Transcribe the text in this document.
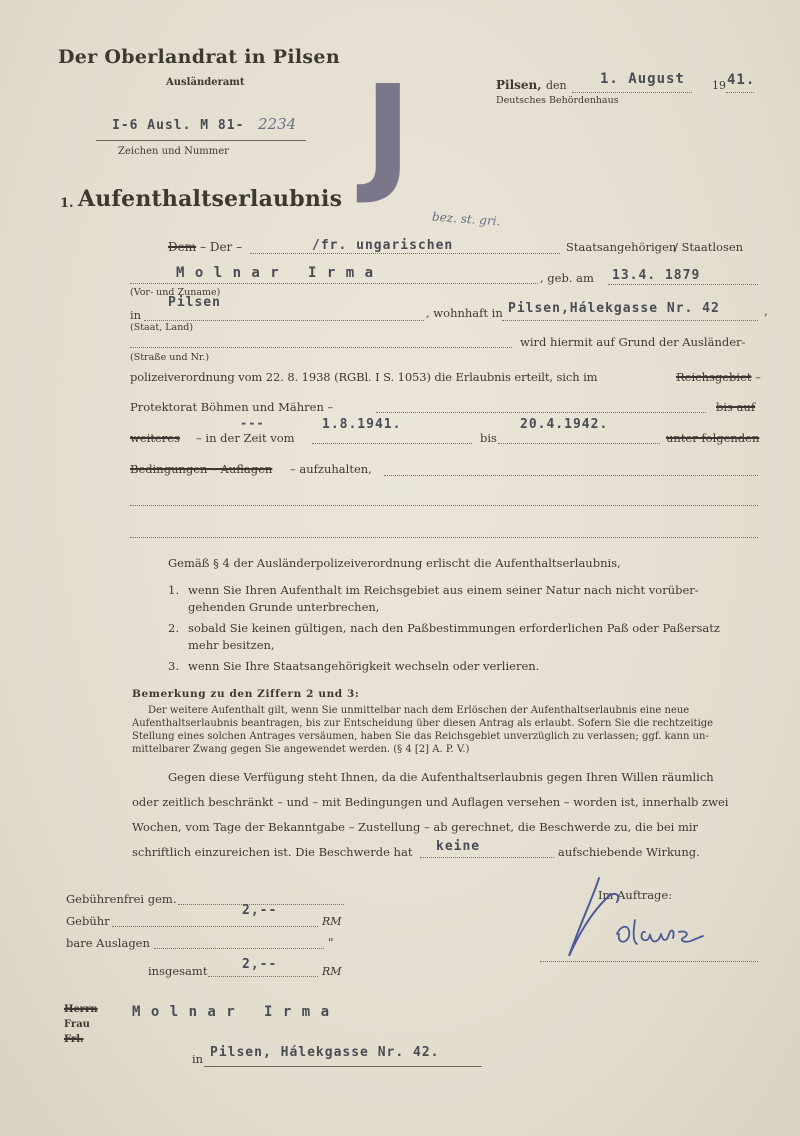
Der Oberlandrat in Pilsen
Ausländeramt	Pilsen, den 1. August 19 41.
Deutsches Behördenhaus
I-6 Ausl. M 81- 2234
Zeichen und Nummer J
1. Aufenthaltserlaubnis
bez. st. gri.
Dem – Der –	/fr. ungarischen	Staatsangehörigen
/ Staatlosen
M o l n a r   I r m a	, geb. am 13.4. 1879
(Vor- und Zuname)
in
Pilsen
, wohnhaft in Pilsen,Hálekgasse Nr. 42	,
(Staat, Land)
wird hiermit auf Grund der Ausländer-
(Straße und Nr.)
polizeiverordnung vom 22. 8. 1938 (RGBl. I S. 1053) die Erlaubnis erteilt, sich im	Reichsgebiet –
Protektorat Böhmen und Mähren –	bis auf
---
weiteres – in der Zeit vom
1.8.1941.
bis
20.4.1942.
unter folgenden
Bedingungen – Auflagen – aufzuhalten,
Gemäß § 4 der Ausländerpolizeiverordnung erlischt die Aufenthaltserlaubnis,
1. wenn Sie Ihren Aufenthalt im Reichsgebiet aus einem seiner Natur nach nicht vorüber-
gehenden Grunde unterbrechen,
2. sobald Sie keinen gültigen, nach den Paßbestimmungen erforderlichen Paß oder Paßersatz
mehr besitzen,
3. wenn Sie Ihre Staatsangehörigkeit wechseln oder verlieren.
Bemerkung zu den Ziffern 2 und 3:
Der weitere Aufenthalt gilt, wenn Sie unmittelbar nach dem Erlöschen der Aufenthaltserlaubnis eine neue
Aufenthaltserlaubnis beantragen, bis zur Entscheidung über diesen Antrag als erlaubt. Sofern Sie die rechtzeitige
Stellung eines solchen Antrages versäumen, haben Sie das Reichsgebiet unverzüglich zu verlassen; ggf. kann un-
mittelbarer Zwang gegen Sie angewendet werden. (§ 4 [2] A. P. V.)
Gegen diese Verfügung steht Ihnen, da die Aufenthaltserlaubnis gegen Ihren Willen räumlich
oder zeitlich beschränkt – und – mit Bedingungen und Auflagen versehen – worden ist, innerhalb zwei
Wochen, vom Tage der Bekanntgabe – Zustellung – ab gerechnet, die Beschwerde zu, die bei mir
schriftlich einzureichen ist. Die Beschwerde hat keine	aufschiebende Wirkung.
Gebührenfrei gem.
Gebühr
2,--
RM
bare Auslagen	"
insgesamt	2,--	RM
Im Auftrage:
Herrn
Frau
Frl.
M o l n a r   I r m a
in Pilsen, Hálekgasse Nr. 42.
